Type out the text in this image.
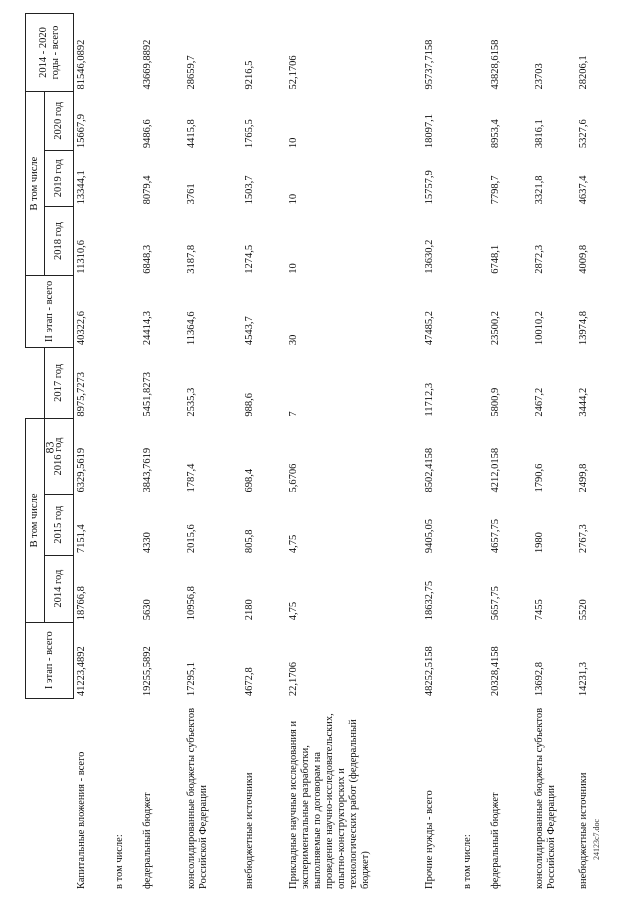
83
24123c7.doc
	I этап - всего	В том числе				II этап - всего	В том числе			2014 - 2020 годы - всего
		2014 год	2015 год	2016 год	2017 год		2018 год	2019 год	2020 год	
Капитальные вложения - всего	41223,4892	18766,8	7151,4	6329,5619	8975,7273	40322,6	11310,6	13344,1	15667,9	81546,0892
в том числе:										
федеральный бюджет	19255,5892	5630	4330	3843,7619	5451,8273	24414,3	6848,3	8079,4	9486,6	43669,8892
консолидированные бюджеты субъектов Российской Федерации	17295,1	10956,8	2015,6	1787,4	2535,3	11364,6	3187,8	3761	4415,8	28659,7
внебюджетные источники	4672,8	2180	805,8	698,4	988,6	4543,7	1274,5	1503,7	1765,5	9216,5
Прикладные научные исследования и экспериментальные разработки, выполняемые по договорам на проведение научно-исследовательских, опытно-конструкторских и технологических работ (федеральный бюджет)	22,1706	4,75	4,75	5,6706	7	30	10	10	10	52,1706
Прочие нужды - всего	48252,5158	18632,75	9405,05	8502,4158	11712,3	47485,2	13630,2	15757,9	18097,1	95737,7158
в том числе:										
федеральный бюджет	20328,4158	5657,75	4657,75	4212,0158	5800,9	23500,2	6748,1	7798,7	8953,4	43828,6158
консолидированные бюджеты субъектов Российской Федерации	13692,8	7455	1980	1790,6	2467,2	10010,2	2872,3	3321,8	3816,1	23703
внебюджетные источники	14231,3	5520	2767,3	2499,8	3444,2	13974,8	4009,8	4637,4	5327,6	28206,1
